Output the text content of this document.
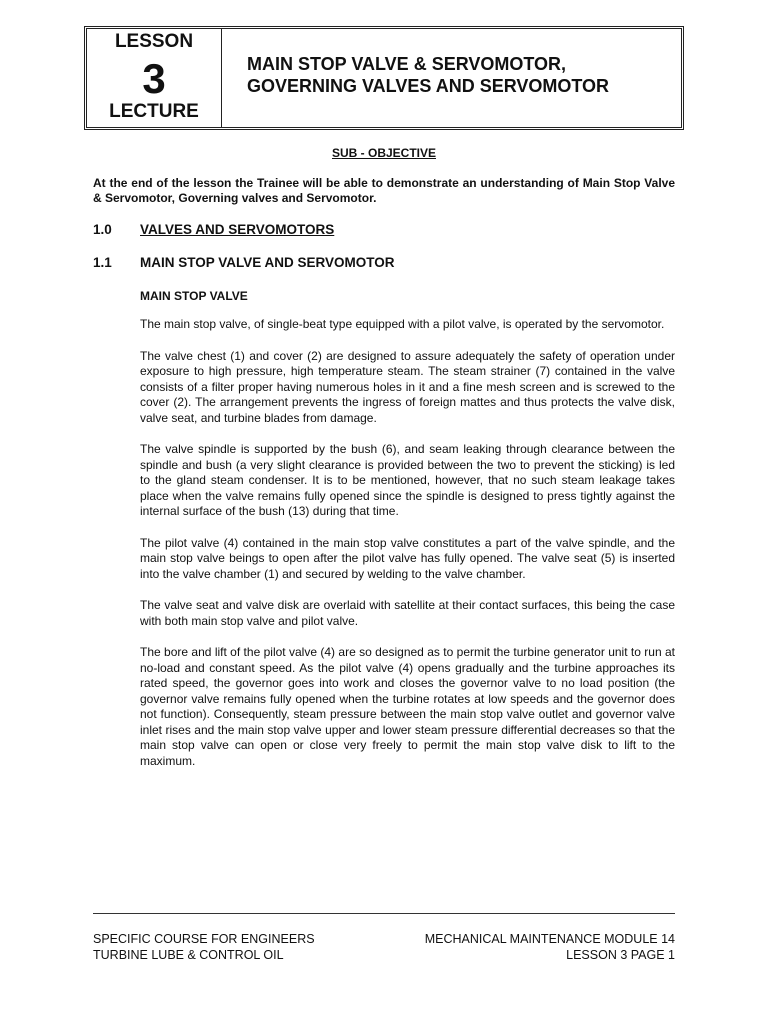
LESSON
3
LECTURE
MAIN STOP VALVE & SERVOMOTOR,
GOVERNING VALVES AND SERVOMOTOR
SUB - OBJECTIVE
At the end of the lesson the Trainee will be able to demonstrate an understanding of Main Stop Valve & Servomotor, Governing valves and Servomotor.
1.0 VALVES AND SERVOMOTORS
1.1 MAIN STOP VALVE AND SERVOMOTOR
MAIN STOP VALVE

The main stop valve, of single-beat type equipped with a pilot valve, is operated by the servomotor.

The valve chest (1) and cover (2) are designed to assure adequately the safety of operation under exposure to high pressure, high temperature steam. The steam strainer (7) contained in the valve consists of a filter proper having numerous holes in it and a fine mesh screen and is screwed to the cover (2). The arrangement prevents the ingress of foreign mattes and thus protects the valve disk, valve seat, and turbine blades from damage.

The valve spindle is supported by the bush (6), and seam leaking through clearance between the spindle and bush (a very slight clearance is provided between the two to prevent the sticking) is led to the gland steam condenser. It is to be mentioned, however, that no such steam leakage takes place when the valve remains fully opened since the spindle is designed to press tightly against the internal surface of the bush (13) during that time.

The pilot valve (4) contained in the main stop valve constitutes a part of the valve spindle, and the main stop valve beings to open after the pilot valve has fully opened. The valve seat (5) is inserted into the valve chamber (1) and secured by welding to the valve chamber.

The valve seat and valve disk are overlaid with satellite at their contact surfaces, this being the case with both main stop valve and pilot valve.

The bore and lift of the pilot valve (4) are so designed as to permit the turbine generator unit to run at no-load and constant speed. As the pilot valve (4) opens gradually and the turbine approaches its rated speed, the governor goes into work and closes the governor valve to no load position (the governor valve remains fully opened when the turbine rotates at low speeds and the governor does not function). Consequently, steam pressure between the main stop valve outlet and governor valve inlet rises and the main stop valve upper and lower steam pressure differential decreases so that the main stop valve can open or close very freely to permit the main stop valve disk to lift to the maximum.

SPECIFIC COURSE FOR ENGINEERS
TURBINE LUBE & CONTROL OIL
MECHANICAL MAINTENANCE MODULE 14
LESSON 3 PAGE 1
